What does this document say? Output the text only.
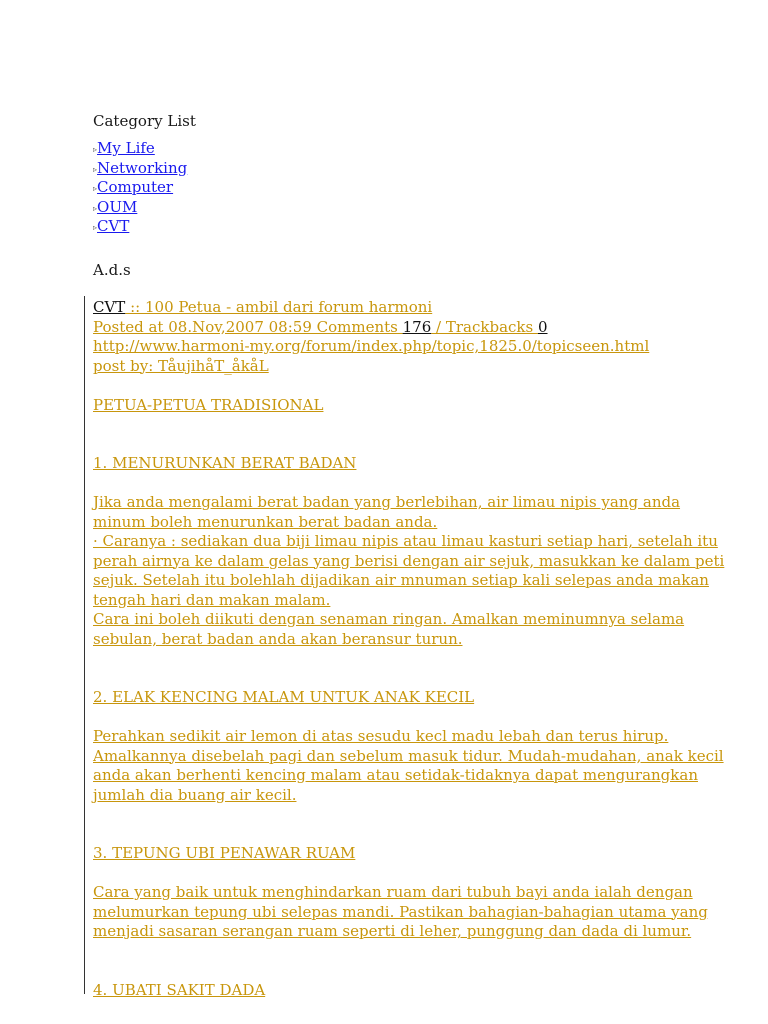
Category List
▹My Life
▹Networking
▹Computer
▹OUM
▹CVT
A.d.s
CVT :: 100 Petua - ambil dari forum harmoni
Posted at 08.Nov,2007 08:59 Comments 176 / Trackbacks 0
http://www.harmoni-my.org/forum/index.php/topic,1825.0/topicseen.html
post by: TåujihåT_åkåL
PETUA-PETUA TRADISIONAL
1. MENURUNKAN BERAT BADAN
Jika anda mengalami berat badan yang berlebihan, air limau nipis yang anda
minum boleh menurunkan berat badan anda.
· Caranya : sediakan dua biji limau nipis atau limau kasturi setiap hari, setelah itu
perah airnya ke dalam gelas yang berisi dengan air sejuk, masukkan ke dalam peti
sejuk. Setelah itu bolehlah dijadikan air mnuman setiap kali selepas anda makan
tengah hari dan makan malam.
Cara ini boleh diikuti dengan senaman ringan. Amalkan meminumnya selama
sebulan, berat badan anda akan beransur turun.
2. ELAK KENCING MALAM UNTUK ANAK KECIL
Perahkan sedikit air lemon di atas sesudu kecl madu lebah dan terus hirup.
Amalkannya disebelah pagi dan sebelum masuk tidur. Mudah-mudahan, anak kecil
anda akan berhenti kencing malam atau setidak-tidaknya dapat mengurangkan
jumlah dia buang air kecil.
3. TEPUNG UBI PENAWAR RUAM
Cara yang baik untuk menghindarkan ruam dari tubuh bayi anda ialah dengan
melumurkan tepung ubi selepas mandi. Pastikan bahagian-bahagian utama yang
menjadi sasaran serangan ruam seperti di leher, punggung dan dada di lumur.
4. UBATI SAKIT DADA
